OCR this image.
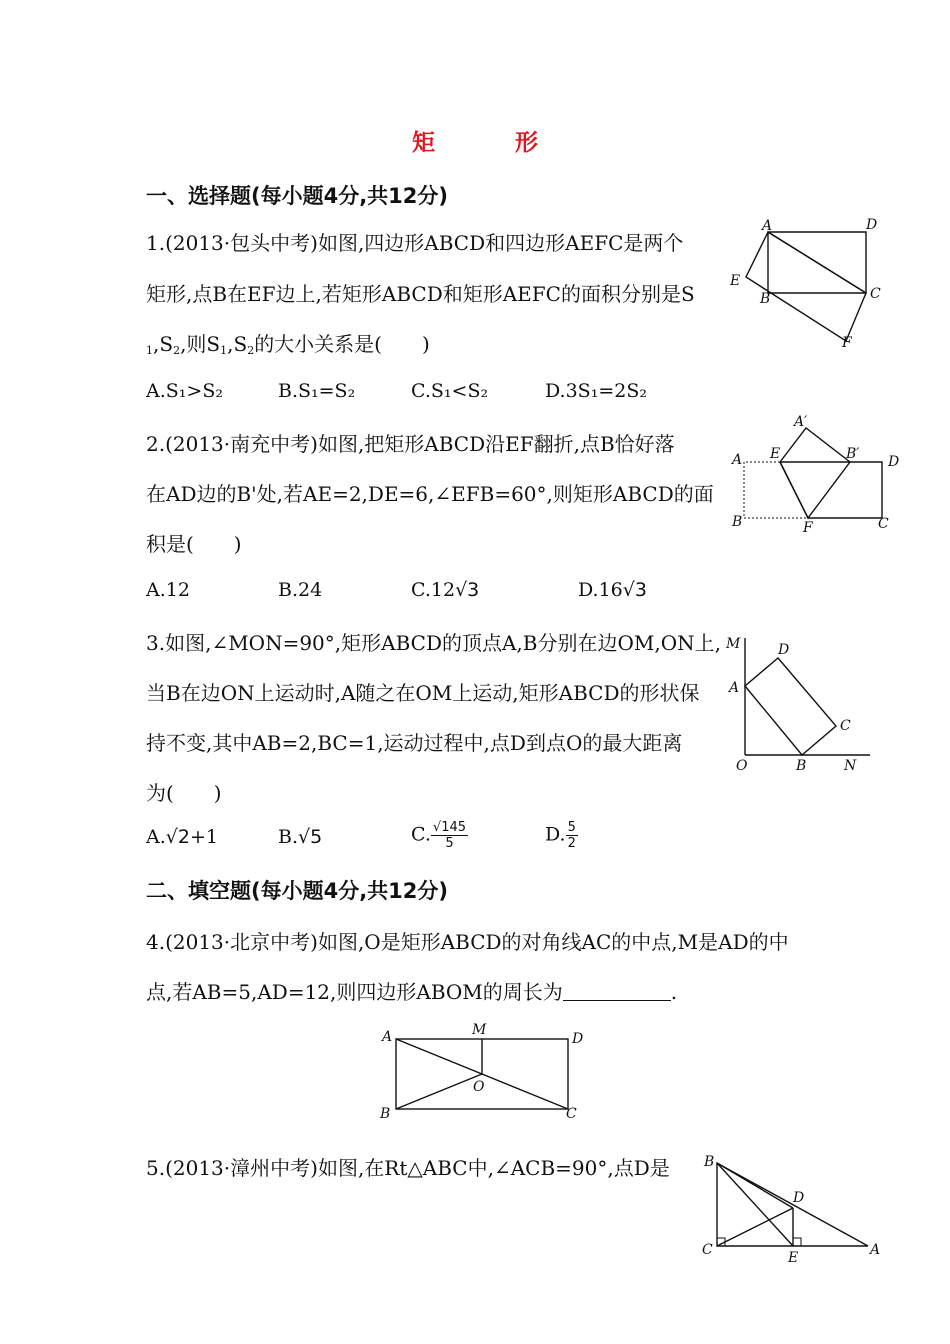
矩 形
一、选择题(每小题4分,共12分)
1.(2013·包头中考)如图,四边形ABCD和四边形AEFC是两个
矩形,点B在EF边上,若矩形ABCD和矩形AEFC的面积分别是S
$_1,S_2$,则$S_1,S_2$的大小关系是(　　)
A.S₁>S₂	B.S₁=S₂	C.S₁<S₂	D.3S₁=2S₂
A	D
E
B	C
F
2.(2013·南充中考)如图,把矩形ABCD沿EF翻折,点B恰好落
在AD边的B'处,若AE=2,DE=6,∠EFB=60°,则矩形ABCD的面
积是(　　)
A.12	B.24	C.12√3	D.16√3
A′
A E	B′ D
B	F	C
3.如图,∠MON=90°,矩形ABCD的顶点A,B分别在边OM,ON上,
当B在边ON上运动时,A随之在OM上运动,矩形ABCD的形状保
持不变,其中AB=2,BC=1,运动过程中,点D到点O的最大距离
为(　　)
A.√2+1	B.√5	C. $\frac{√145}{5}$	D. $\frac{5}{2}$
M	D
A
C
O	B	N
二、填空题(每小题4分,共12分)
4.(2013·北京中考)如图,O是矩形ABCD的对角线AC的中点,M是AD的中
点,若AB=5,AD=12,则四边形ABOM的周长为	.
A	M
D
O
B	C
5.(2013·漳州中考)如图,在Rt△ABC中,∠ACB=90°,点D是 B
D
C	E	A
